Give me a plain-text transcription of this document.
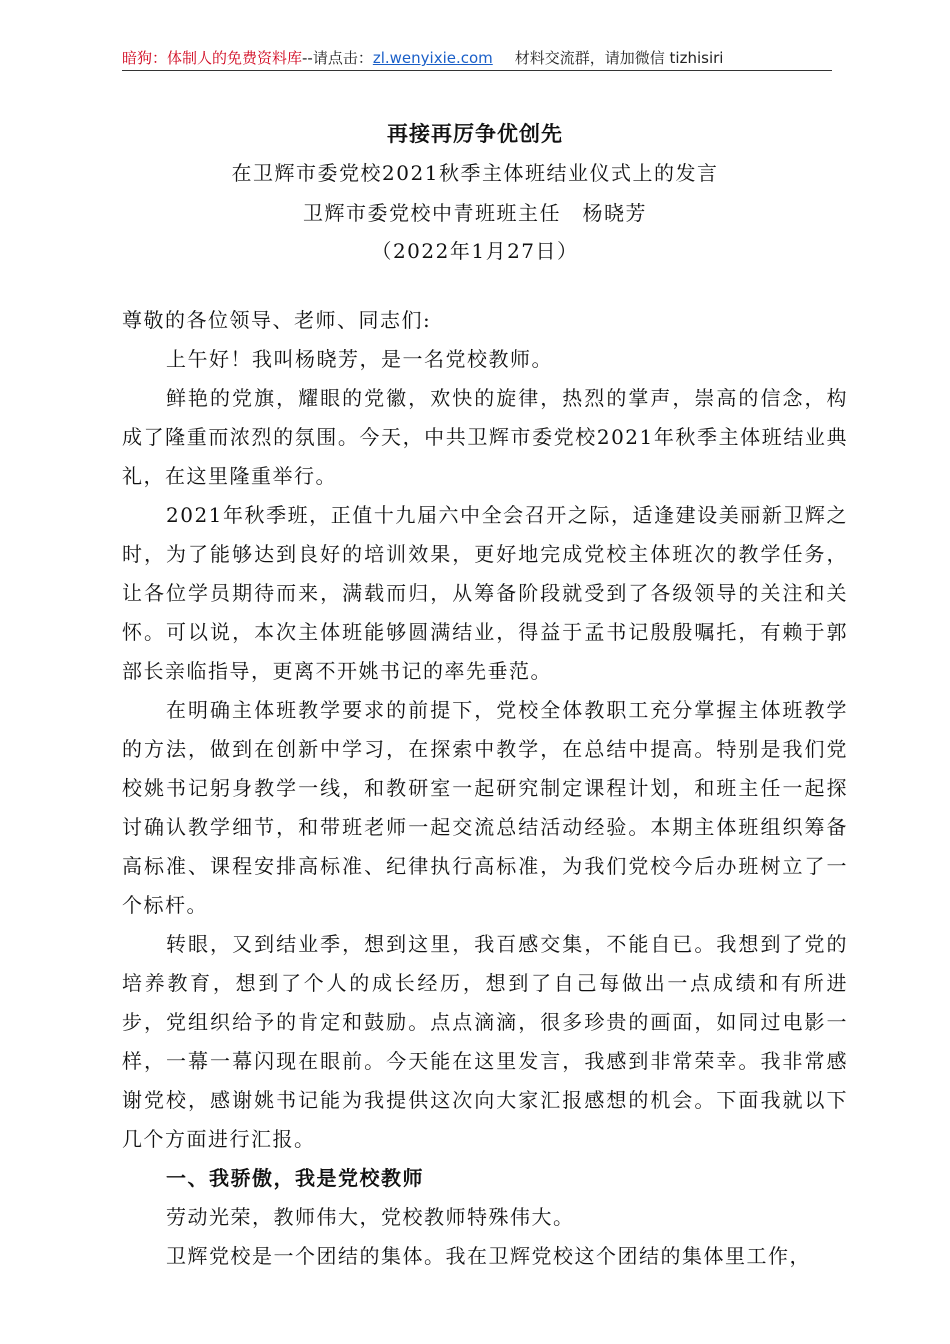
暗狗：体制人的免费资料库--请点击：zl.wenyixie.com 材料交流群，请加微信 tizhisiri
再接再厉争优创先
在卫辉市委党校2021秋季主体班结业仪式上的发言
卫辉市委党校中青班班主任　杨晓芳
（2022年1月27日）

尊敬的各位领导、老师、同志们:

上午好！我叫杨晓芳，是一名党校教师。

鲜艳的党旗，耀眼的党徽，欢快的旋律，热烈的掌声，崇高的信念，构成了隆重而浓烈的氛围。今天，中共卫辉市委党校2021年秋季主体班结业典礼，在这里隆重举行。

2021年秋季班，正值十九届六中全会召开之际，适逢建设美丽新卫辉之时，为了能够达到良好的培训效果，更好地完成党校主体班次的教学任务，让各位学员期待而来，满载而归，从筹备阶段就受到了各级领导的关注和关怀。可以说，本次主体班能够圆满结业，得益于孟书记殷殷嘱托，有赖于郭部长亲临指导，更离不开姚书记的率先垂范。

在明确主体班教学要求的前提下，党校全体教职工充分掌握主体班教学的方法，做到在创新中学习，在探索中教学，在总结中提高。特别是我们党校姚书记躬身教学一线，和教研室一起研究制定课程计划，和班主任一起探讨确认教学细节，和带班老师一起交流总结活动经验。本期主体班组织筹备高标准、课程安排高标准、纪律执行高标准，为我们党校今后办班树立了一个标杆。

转眼，又到结业季，想到这里，我百感交集，不能自已。我想到了党的培养教育，想到了个人的成长经历，想到了自己每做出一点成绩和有所进步，党组织给予的肯定和鼓励。点点滴滴，很多珍贵的画面，如同过电影一样，一幕一幕闪现在眼前。今天能在这里发言，我感到非常荣幸。我非常感谢党校，感谢姚书记能为我提供这次向大家汇报感想的机会。下面我就以下几个方面进行汇报。

一、我骄傲，我是党校教师

劳动光荣，教师伟大，党校教师特殊伟大。

卫辉党校是一个团结的集体。我在卫辉党校这个团结的集体里工作，
